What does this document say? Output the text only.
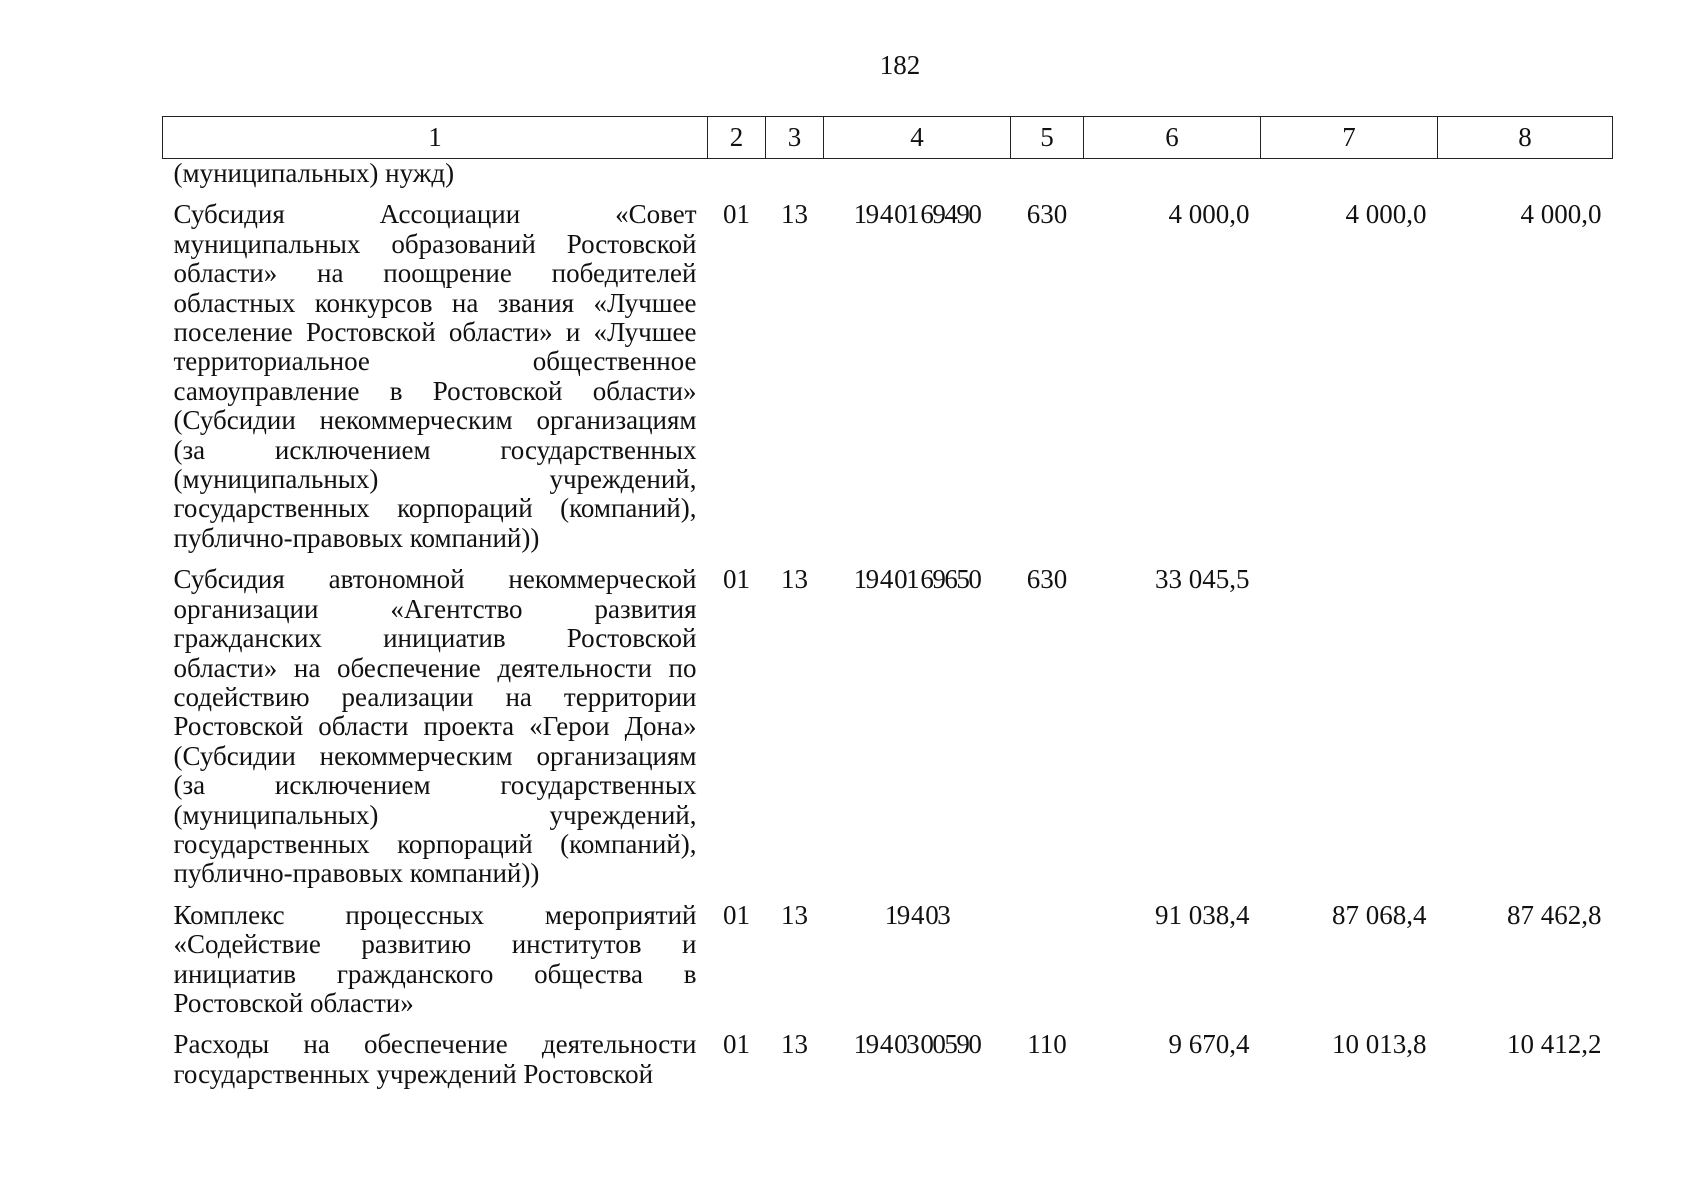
182
1	2	3	4	5	6	7	8
(муниципальных) нужд)							
Субсидия Ассоциации «Совет муниципальных образований Ростовской области» на поощрение победителей областных конкурсов на звания «Лучшее поселение Ростовской области» и «Лучшее территориальное общественное самоуправление в Ростовской области» (Субсидии некоммерческим организациям (за исключением государственных (муниципальных) учреждений, государственных корпораций (компаний), публично-правовых компаний))	01	13	19 4 01 69490	630	4 000,0	4 000,0	4 000,0
Субсидия автономной некоммерческой организации «Агентство развития гражданских инициатив Ростовской области» на обеспечение деятельности по содействию реализации на территории Ростовской области проекта «Герои Дона» (Субсидии некоммерческим организациям (за исключением государственных (муниципальных) учреждений, государственных корпораций (компаний), публично-правовых компаний))	01	13	19 4 01 69650	630	33 045,5		
Комплекс процессных мероприятий «Содействие развитию институтов и инициатив гражданского общества в Ростовской области»	01	13	19 4 03		91 038,4	87 068,4	87 462,8
Расходы на обеспечение деятельности государственных учреждений Ростовской	01	13	19 4 03 00590	110	9 670,4	10 013,8	10 412,2
